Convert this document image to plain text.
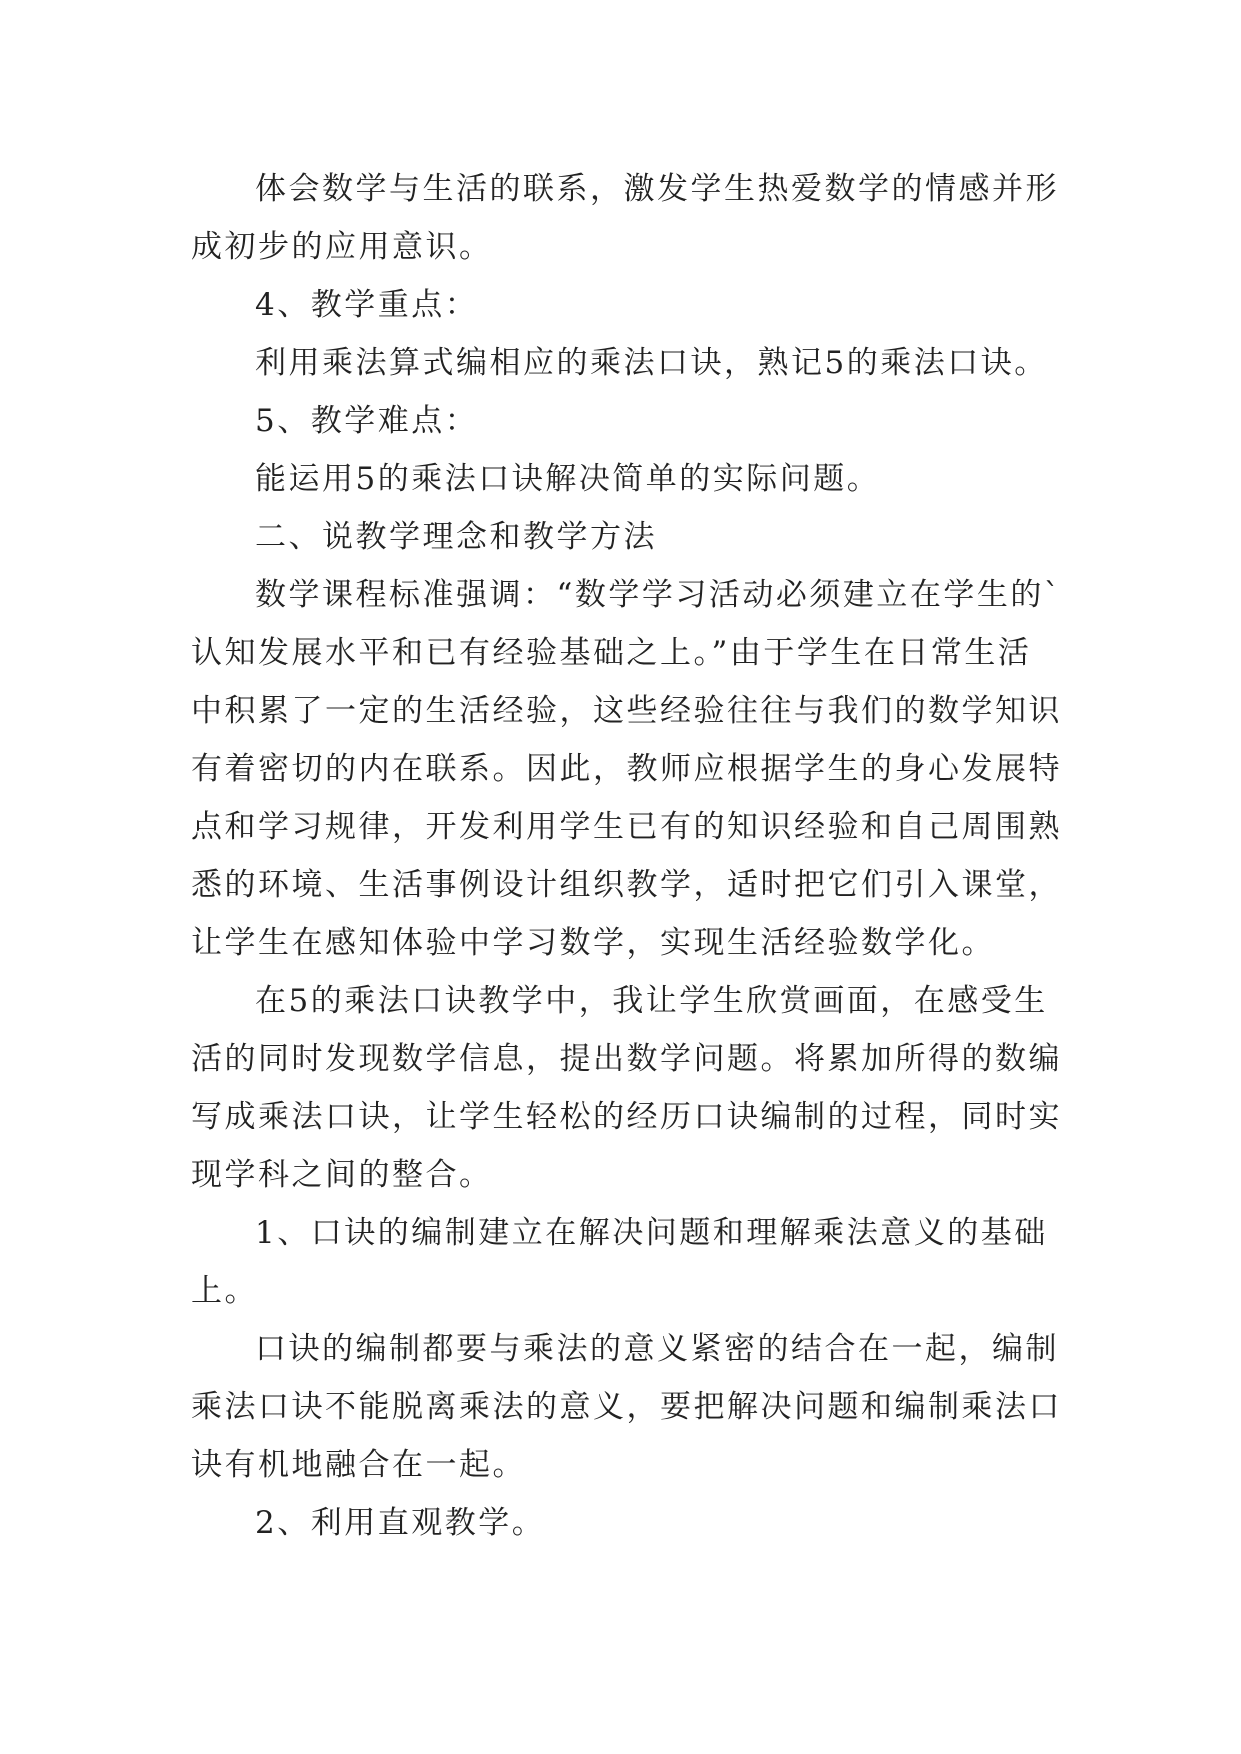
体会数学与生活的联系，激发学生热爱数学的情感并形
成初步的应用意识。
4、教学重点：
利用乘法算式编相应的乘法口诀，熟记5的乘法口诀。
5、教学难点：
能运用5的乘法口诀解决简单的实际问题。
二、说教学理念和教学方法
数学课程标准强调：“数学学习活动必须建立在学生的`
认知发展水平和已有经验基础之上。”由于学生在日常生活
中积累了一定的生活经验，这些经验往往与我们的数学知识
有着密切的内在联系。因此，教师应根据学生的身心发展特
点和学习规律，开发利用学生已有的知识经验和自己周围熟
悉的环境、生活事例设计组织教学，适时把它们引入课堂，
让学生在感知体验中学习数学，实现生活经验数学化。
在5的乘法口诀教学中，我让学生欣赏画面，在感受生
活的同时发现数学信息，提出数学问题。将累加所得的数编
写成乘法口诀，让学生轻松的经历口诀编制的过程，同时实
现学科之间的整合。
1、口诀的编制建立在解决问题和理解乘法意义的基础
上。
口诀的编制都要与乘法的意义紧密的结合在一起，编制
乘法口诀不能脱离乘法的意义，要把解决问题和编制乘法口
诀有机地融合在一起。
2、利用直观教学。
